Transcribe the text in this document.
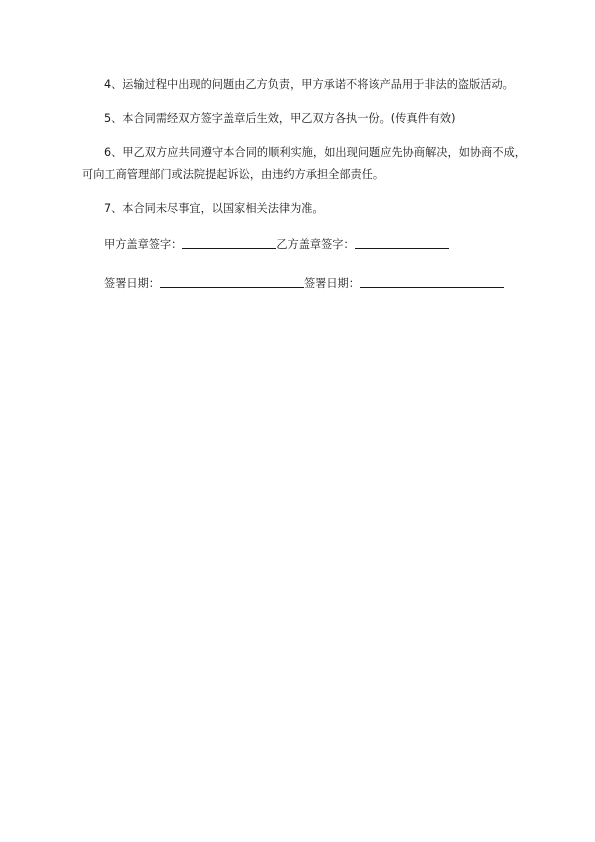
4、运输过程中出现的问题由乙方负责，甲方承诺不将该产品用于非法的盗版活动。

5、本合同需经双方签字盖章后生效，甲乙双方各执一份。(传真件有效)

6、甲乙双方应共同遵守本合同的顺利实施，如出现问题应先协商解决，如协商不成，可向工商管理部门或法院提起诉讼，由违约方承担全部责任。

7、本合同未尽事宜，以国家相关法律为准。

甲方盖章签字：	乙方盖章签字：
签署日期：	签署日期：
